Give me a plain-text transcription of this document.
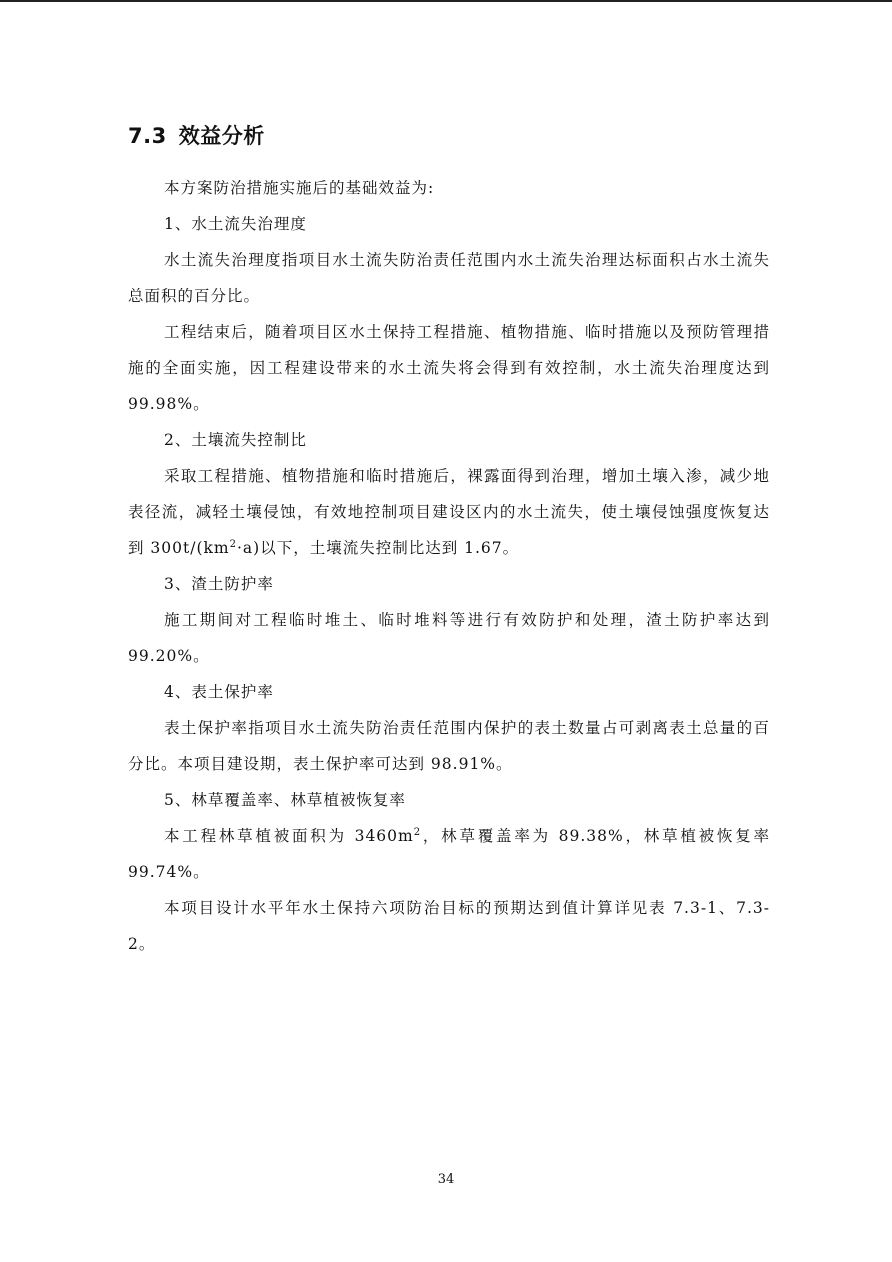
7.3 效益分析

本方案防治措施实施后的基础效益为:

1、水土流失治理度

水土流失治理度指项目水土流失防治责任范围内水土流失治理达标面积占水土流失总面积的百分比。

工程结束后，随着项目区水土保持工程措施、植物措施、临时措施以及预防管理措施的全面实施，因工程建设带来的水土流失将会得到有效控制，水土流失治理度达到 99.98%。

2、土壤流失控制比

采取工程措施、植物措施和临时措施后，裸露面得到治理，增加土壤入渗，减少地表径流，减轻土壤侵蚀，有效地控制项目建设区内的水土流失，使土壤侵蚀强度恢复达到 $300t/(km^2\cdot a)$以下，土壤流失控制比达到 1.67。

3、渣土防护率

施工期间对工程临时堆土、临时堆料等进行有效防护和处理，渣土防护率达到99.20%。

4、表土保护率

表土保护率指项目水土流失防治责任范围内保护的表土数量占可剥离表土总量的百分比。本项目建设期，表土保护率可达到 98.91%。

5、林草覆盖率、林草植被恢复率

本工程林草植被面积为 $3460m^2$，林草覆盖率为 89.38%，林草植被恢复率 99.74%。

本项目设计水平年水土保持六项防治目标的预期达到值计算详见表 7.3-1、7.3-2。

34
